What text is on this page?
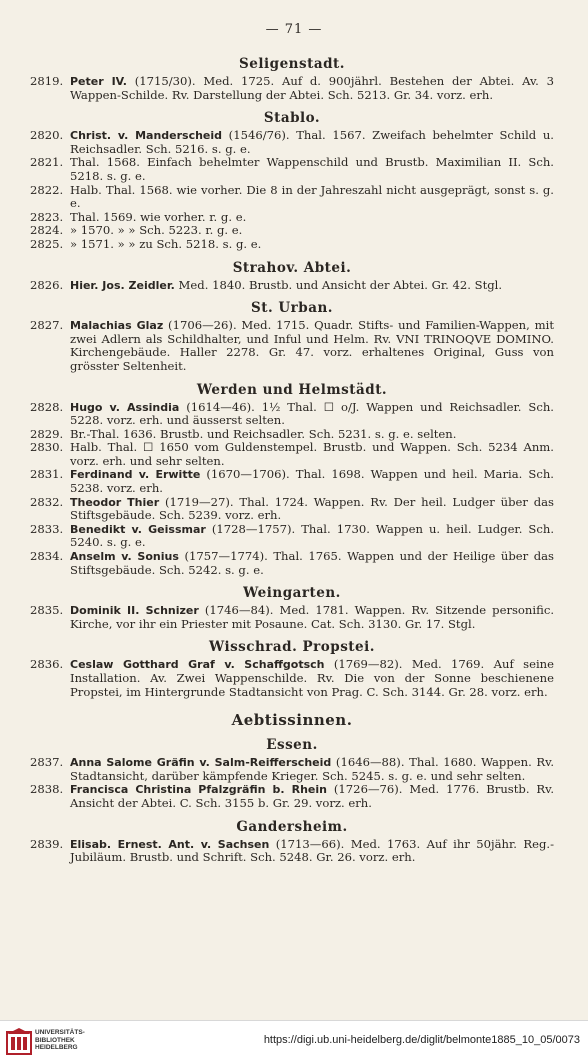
— 71 —
Seligenstadt.
2819. Peter IV. (1715/30). Med. 1725. Auf d. 900jährl. Bestehen der Abtei. Av. 3 Wappen-Schilde. Rv. Darstellung der Abtei. Sch. 5213. Gr. 34. vorz. erh.
Stablo.
2820. Christ. v. Manderscheid (1546/76). Thal. 1567. Zweifach behelmter Schild u. Reichsadler. Sch. 5216. s. g. e.
2821. Thal. 1568. Einfach behelmter Wappenschild und Brustb. Maximilian II. Sch. 5218. s. g. e.
2822. Halb. Thal. 1568. wie vorher. Die 8 in der Jahreszahl nicht ausgeprägt, sonst s. g. e.
2823. Thal. 1569. wie vorher. r. g. e.
2824. » 1570. » » Sch. 5223. r. g. e.
2825. » 1571. » » zu Sch. 5218. s. g. e.
Strahov. Abtei.
2826. Hier. Jos. Zeidler. Med. 1840. Brustb. und Ansicht der Abtei. Gr. 42. Stgl.
St. Urban.
2827. Malachias Glaz (1706—26). Med. 1715. Quadr. Stifts- und Familien-Wappen, mit zwei Adlern als Schildhalter, und Inful und Helm. Rv. VNI TRINOQVE DOMINO. Kirchengebäude. Haller 2278. Gr. 47. vorz. erhaltenes Original, Guss von grösster Seltenheit.
Werden und Helmstädt.
2828. Hugo v. Assindia (1614—46). 1½ Thal. ☐ o/J. Wappen und Reichsadler. Sch. 5228. vorz. erh. und äusserst selten.
2829. Br.-Thal. 1636. Brustb. und Reichsadler. Sch. 5231. s. g. e. selten.
2830. Halb. Thal. ☐ 1650 vom Guldenstempel. Brustb. und Wappen. Sch. 5234 Anm. vorz. erh. und sehr selten.
2831. Ferdinand v. Erwitte (1670—1706). Thal. 1698. Wappen und heil. Maria. Sch. 5238. vorz. erh.
2832. Theodor Thier (1719—27). Thal. 1724. Wappen. Rv. Der heil. Ludger über das Stiftsgebäude. Sch. 5239. vorz. erh.
2833. Benedikt v. Geissmar (1728—1757). Thal. 1730. Wappen u. heil. Ludger. Sch. 5240. s. g. e.
2834. Anselm v. Sonius (1757—1774). Thal. 1765. Wappen und der Heilige über das Stiftsgebäude. Sch. 5242. s. g. e.
Weingarten.
2835. Dominik II. Schnizer (1746—84). Med. 1781. Wappen. Rv. Sitzende personific. Kirche, vor ihr ein Priester mit Posaune. Cat. Sch. 3130. Gr. 17. Stgl.
Wisschrad. Propstei.
2836. Ceslaw Gotthard Graf v. Schaffgotsch (1769—82). Med. 1769. Auf seine Installation. Av. Zwei Wappenschilde. Rv. Die von der Sonne beschienene Propstei, im Hintergrunde Stadtansicht von Prag. C. Sch. 3144. Gr. 28. vorz. erh.
Aebtissinnen.
Essen.
2837. Anna Salome Gräfin v. Salm-Reifferscheid (1646—88). Thal. 1680. Wappen. Rv. Stadtansicht, darüber kämpfende Krieger. Sch. 5245. s. g. e. und sehr selten.
2838. Francisca Christina Pfalzgräfin b. Rhein (1726—76). Med. 1776. Brustb. Rv. Ansicht der Abtei. C. Sch. 3155 b. Gr. 29. vorz. erh.
Gandersheim.
2839. Elisab. Ernest. Ant. v. Sachsen (1713—66). Med. 1763. Auf ihr 50jähr. Reg.-Jubiläum. Brustb. und Schrift. Sch. 5248. Gr. 26. vorz. erh.
UNIVERSITÄTS-
BIBLIOTHEK
HEIDELBERG
https://digi.ub.uni-heidelberg.de/diglit/belmonte1885_10_05/0073
